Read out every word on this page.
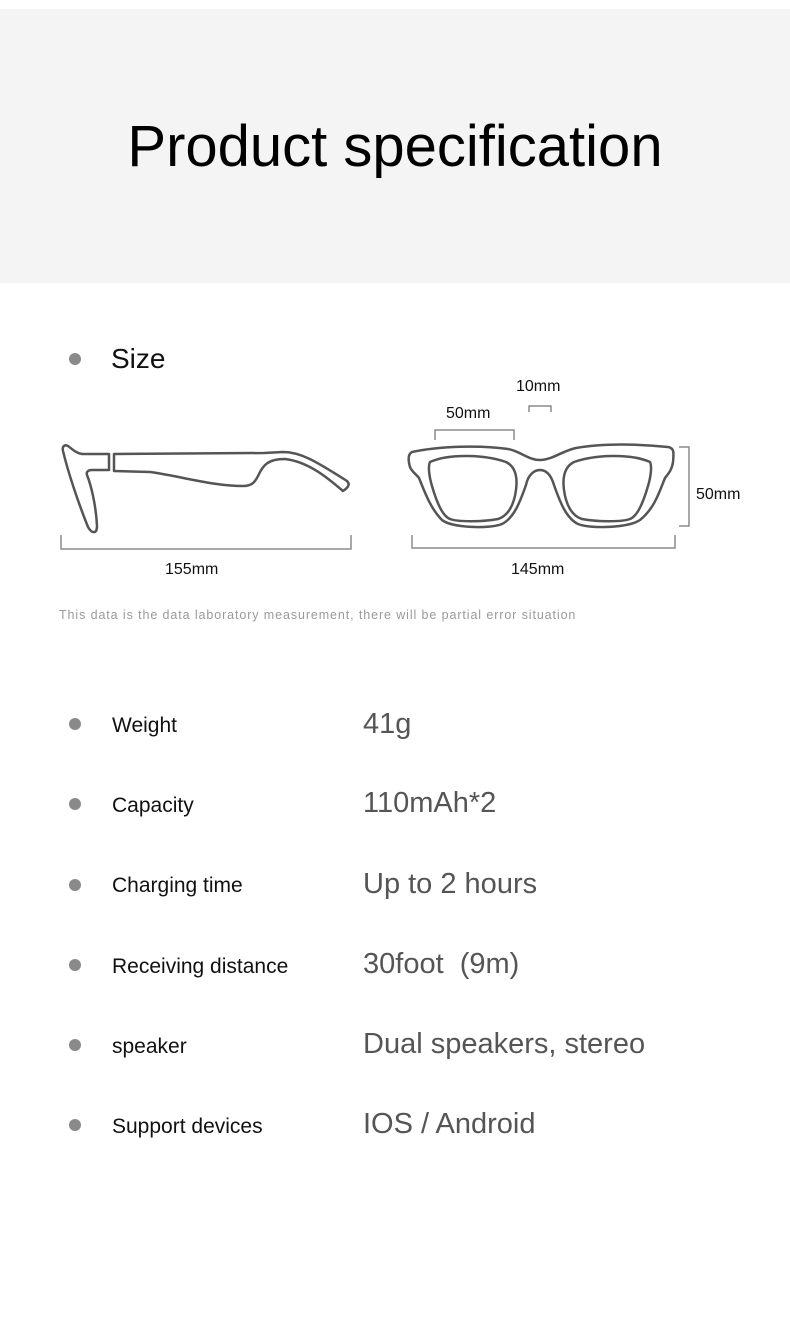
Product specification
Size
155mm
50mm
10mm
50mm
145mm
This data is the data laboratory measurement, there will be partial error situation
Weight	41g
Capacity	110mAh*2
Charging time	Up to 2 hours
Receiving distance	30foot  (9m)
speaker	Dual speakers, stereo
Support devices	IOS / Android
